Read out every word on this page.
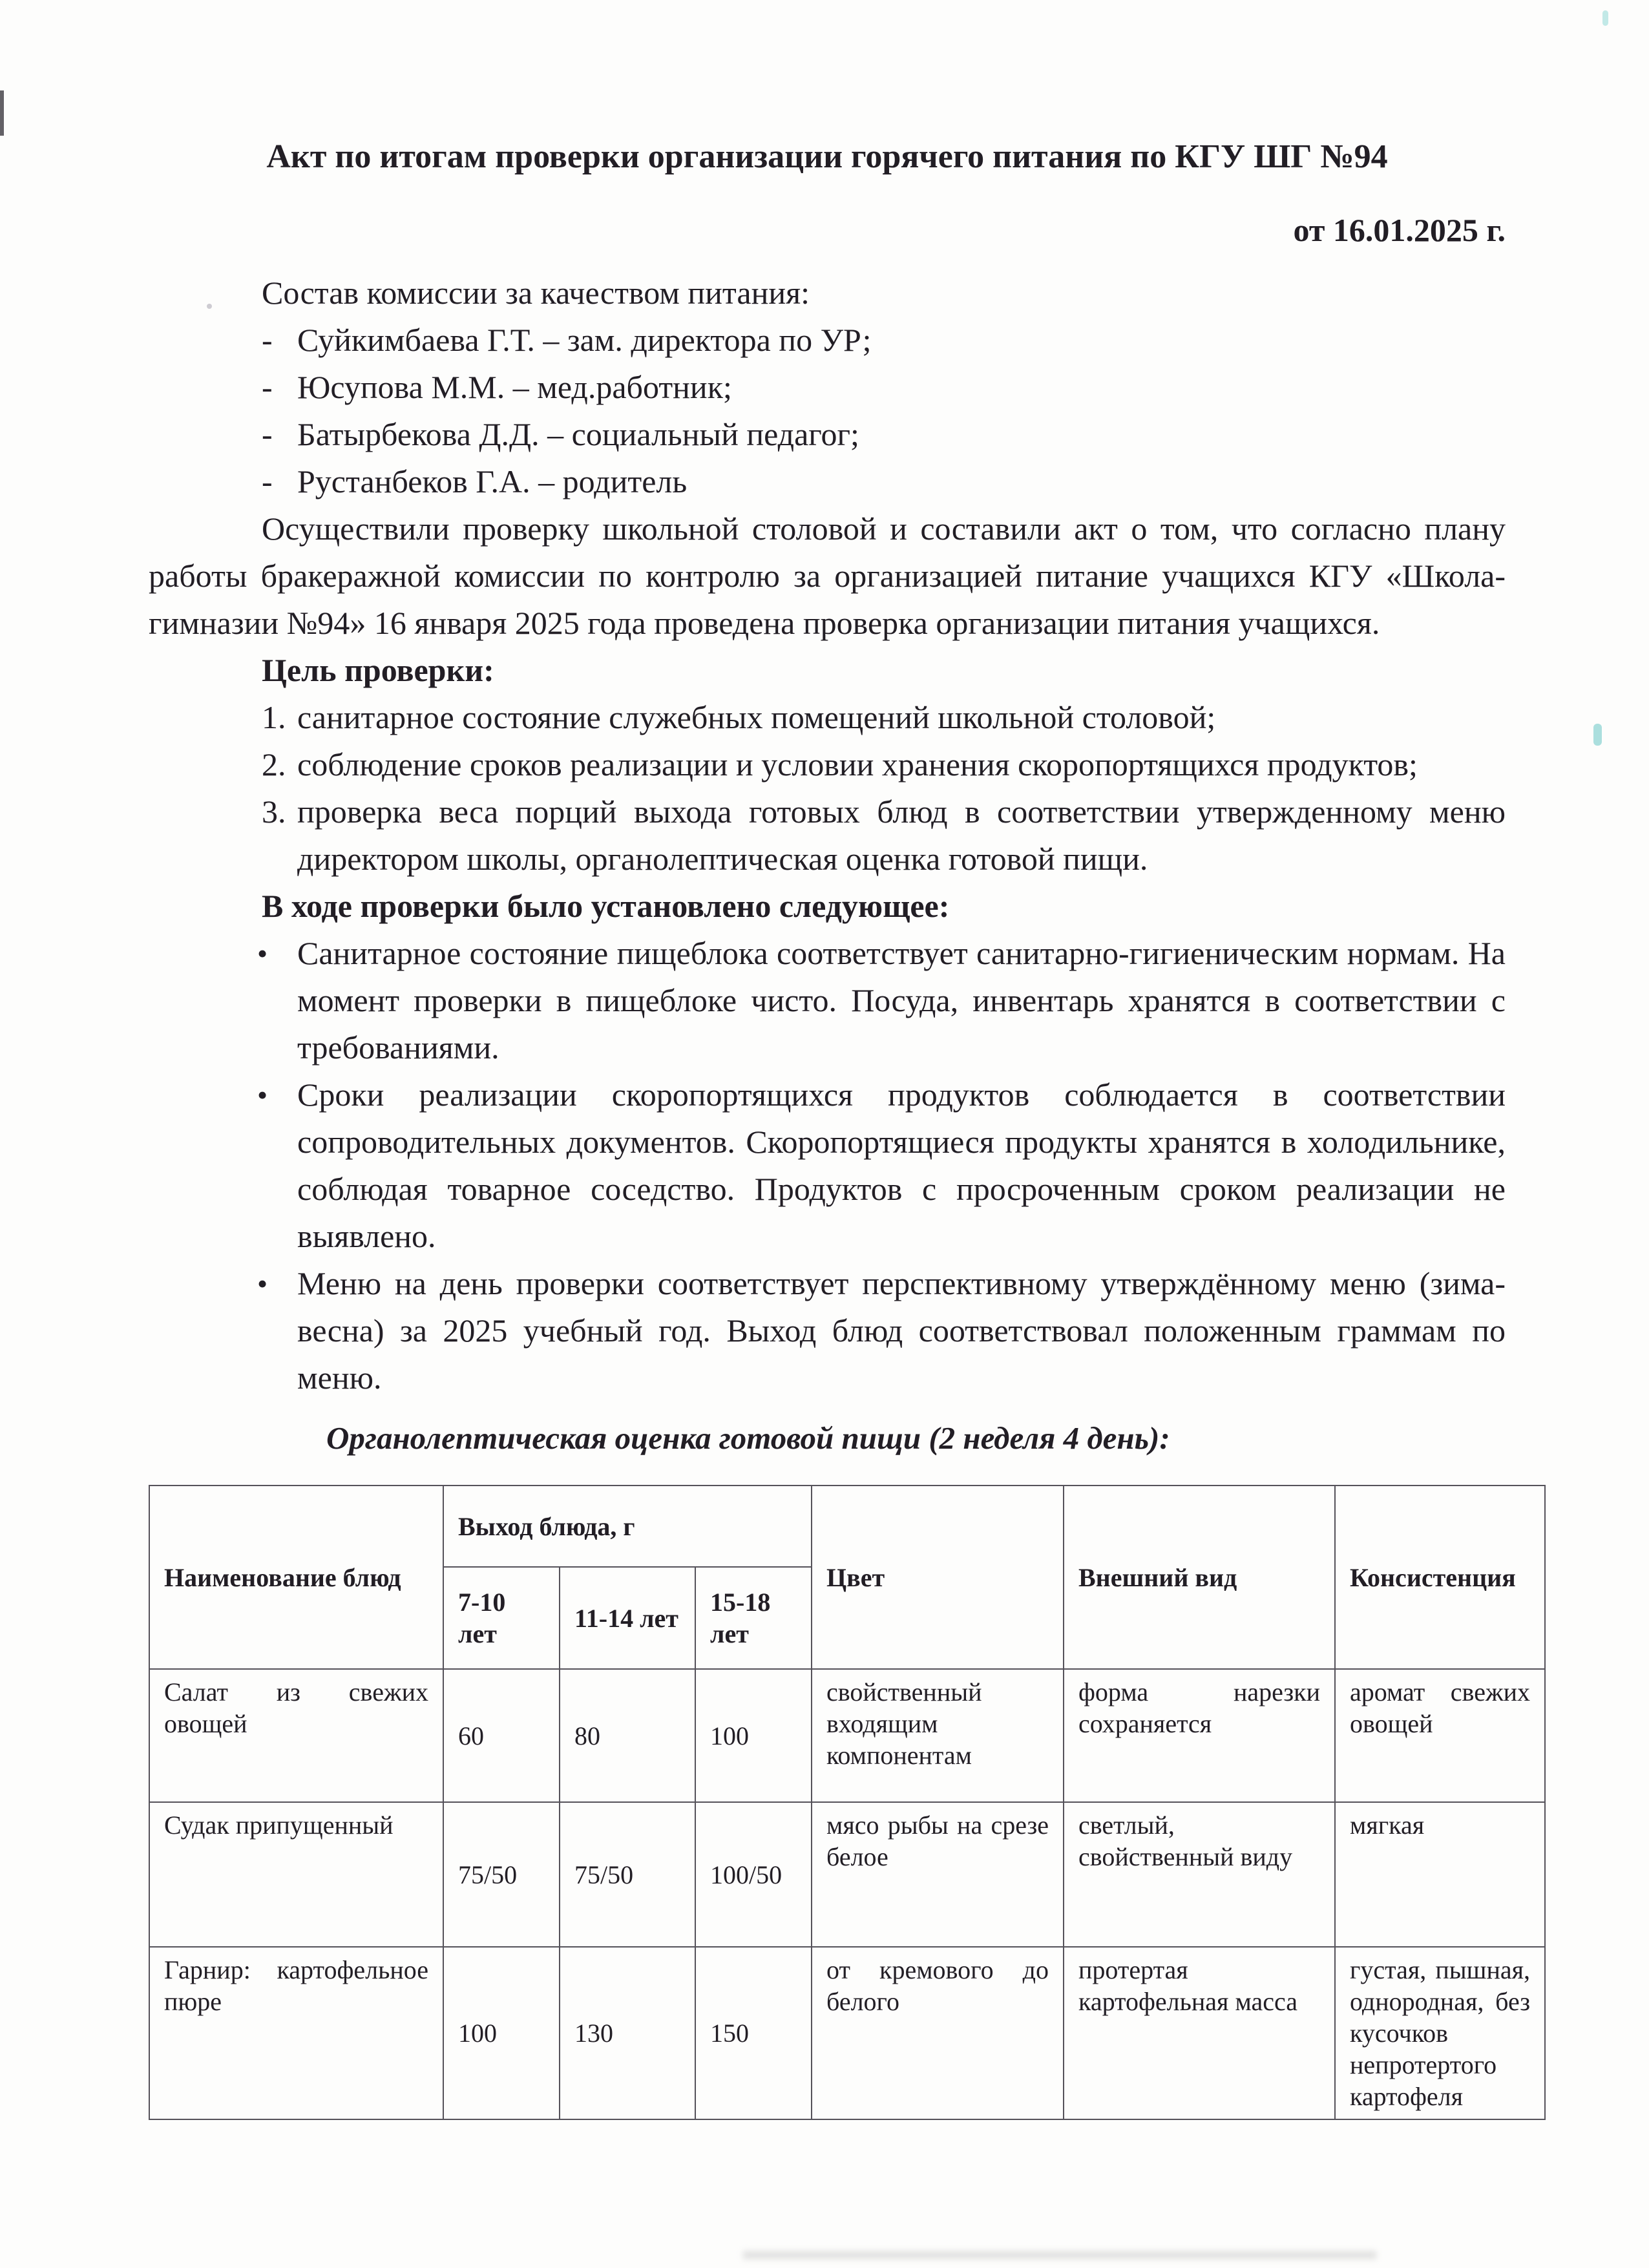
Акт по итогам проверки организации горячего питания по КГУ ШГ №94

от 16.01.2025 г.

Состав комиссии за качеством питания:

- Суйкимбаева Г.Т. – зам. директора по УР;
- Юсупова М.М. – мед.работник;
- Батырбекова Д.Д. – социальный педагог;
- Рустанбеков Г.А. – родитель

Осуществили проверку школьной столовой и составили акт о том, что согласно плану работы бракеражной комиссии по контролю за организацией питание учащихся КГУ «Школа-гимназии №94» 16 января 2025 года проведена проверка организации питания учащихся.

Цель проверки:

1. санитарное состояние служебных помещений школьной столовой;
2. соблюдение сроков реализации и условии хранения скоропортящихся продуктов;
3. проверка веса порций выхода готовых блюд в соответствии утвержденному меню директором школы, органолептическая оценка готовой пищи.

В ходе проверки было установлено следующее:

• Санитарное состояние пищеблока соответствует санитарно-гигиеническим нормам. На момент проверки в пищеблоке чисто. Посуда, инвентарь хранятся в соответствии с требованиями.
• Сроки реализации скоропортящихся продуктов соблюдается в соответствии сопроводительных документов. Скоропортящиеся продукты хранятся в холодильнике, соблюдая товарное соседство. Продуктов с просроченным сроком реализации не выявлено.
• Меню на день проверки соответствует перспективному утверждённому меню (зима-весна) за 2025 учебный год. Выход блюд соответствовал положенным граммам по меню.

Органолептическая оценка готовой пищи (2 неделя 4 день):

Наименование блюд	Выход блюда, г			Цвет	Внешний вид	Консистенция
	7-10 лет	11-14 лет	15-18 лет			
Салат из свежих овощей	60	80	100	свойственный входящим компонентам	форма нарезки сохраняется	аромат свежих овощей
Судак припущенный	75/50	75/50	100/50	мясо рыбы на срезе белое	светлый, свойственный виду	мягкая
Гарнир: картофельное пюре	100	130	150	от кремового до белого	протертая картофельная масса	густая, пышная, однородная, без кусочков непротертого картофеля
